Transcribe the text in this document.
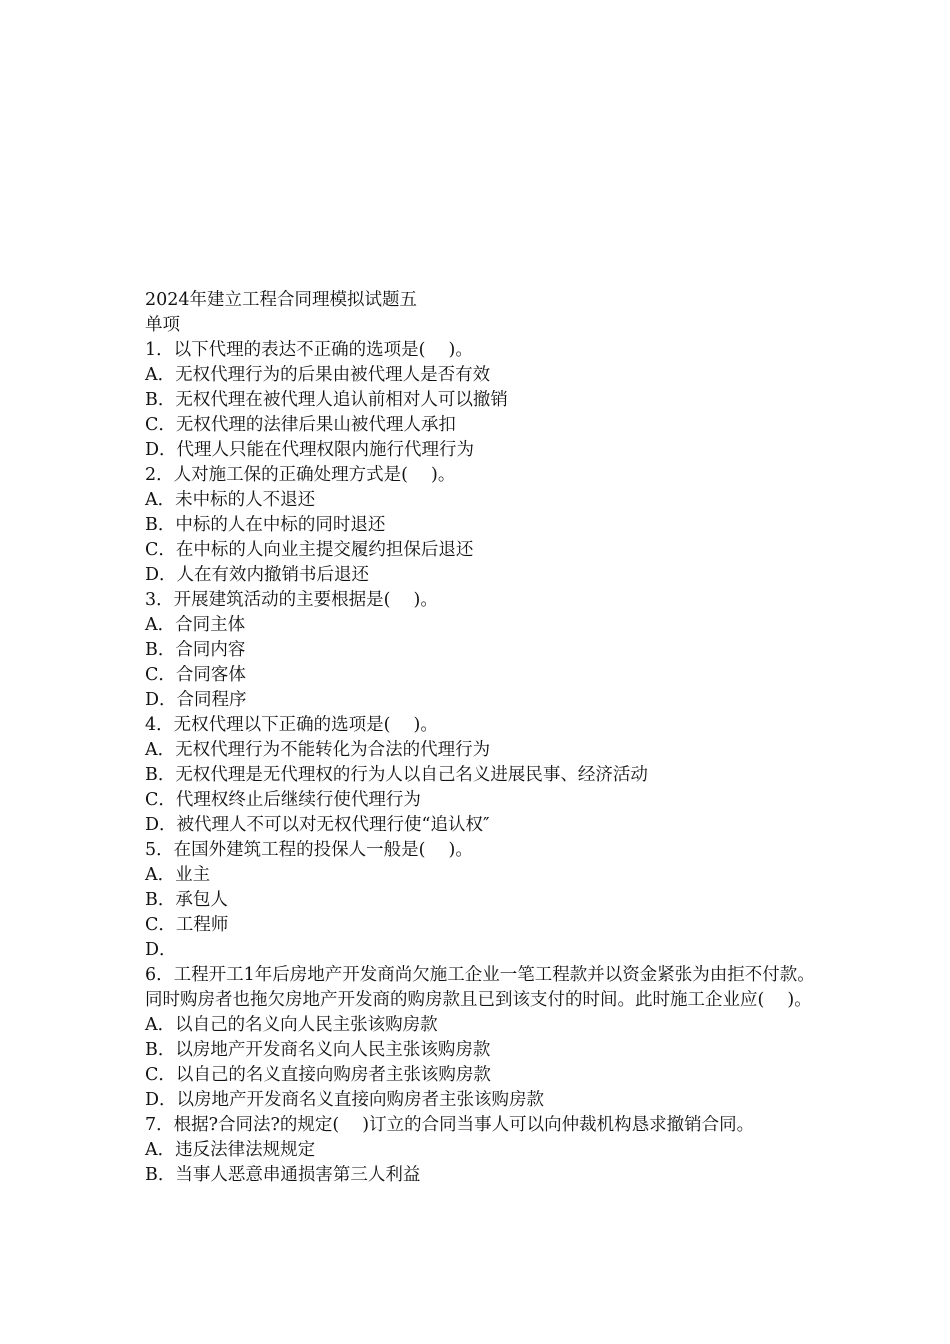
2024年建立工程合同理模拟试题五
单项
1．以下代理的表达不正确的选项是(　 )。
A．无权代理行为的后果由被代理人是否有效
B．无权代理在被代理人追认前相对人可以撤销
C．无权代理的法律后果山被代理人承扣
D．代理人只能在代理权限内施行代理行为
2．人对施工保的正确处理方式是(　 )。
A．未中标的人不退还
B．中标的人在中标的同时退还
C．在中标的人向业主提交履约担保后退还
D．人在有效内撤销书后退还
3．开展建筑活动的主要根据是(　 )。
A．合同主体
B．合同内容
C．合同客体
D．合同程序
4．无权代理以下正确的选项是(　 )。
A．无权代理行为不能转化为合法的代理行为
B．无权代理是无代理权的行为人以自己名义进展民事、经济活动
C．代理权终止后继续行使代理行为
D．被代理人不可以对无权代理行使“追认权″
5．在国外建筑工程的投保人一般是(　 )。
A．业主
B．承包人
C．工程师
D．
6．工程开工1年后房地产开发商尚欠施工企业一笔工程款并以资金紧张为由拒不付款。同时购房者也拖欠房地产开发商的购房款且已到该支付的时间。此时施工企业应(　 )。
A．以自己的名义向人民主张该购房款
B．以房地产开发商名义向人民主张该购房款
C．以自己的名义直接向购房者主张该购房款
D．以房地产开发商名义直接向购房者主张该购房款
7．根据?合同法?的规定(　 )订立的合同当事人可以向仲裁机构恳求撤销合同。
A．违反法律法规规定
B．当事人恶意串通损害第三人利益
